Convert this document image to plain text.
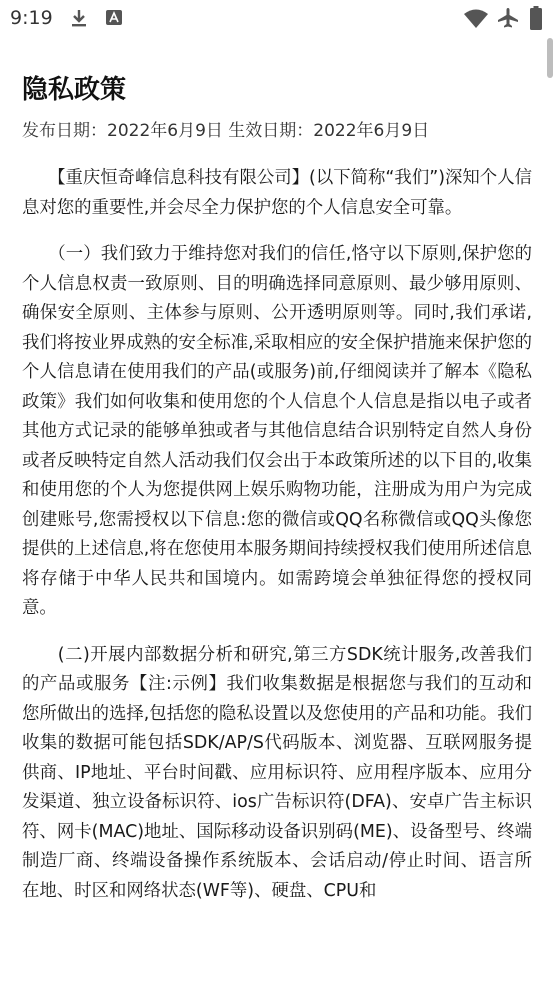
9:19
隐私政策
发布日期：2022年6月9日 生效日期：2022年6月9日

　　【重庆恒奇峰信息科技有限公司】(以下简称“我们”)深知个人信息对您的重要性,并会尽全力保护您的个人信息安全可靠。

　　（一）我们致力于维持您对我们的信任,恪守以下原则,保护您的个人信息权责一致原则、目的明确选择同意原则、最少够用原则、确保安全原则、主体参与原则、公开透明原则等。同时,我们承诺,我们将按业界成熟的安全标准,采取相应的安全保护措施来保护您的个人信息请在使用我们的产品(或服务)前,仔细阅读并了解本《隐私政策》我们如何收集和使用您的个人信息个人信息是指以电子或者其他方式记录的能够单独或者与其他信息结合识别特定自然人身份或者反映特定自然人活动我们仅会出于本政策所述的以下目的,收集和使用您的个人为您提供网上娱乐购物功能，注册成为用户为完成创建账号,您需授权以下信息:您的微信或QQ名称微信或QQ头像您提供的上述信息,将在您使用本服务期间持续授权我们使用所述信息将存储于中华人民共和国境内。如需跨境会单独征得您的授权同意。

　　(二)开展内部数据分析和研究,第三方SDK统计服务,改善我们的产品或服务【注:示例】我们收集数据是根据您与我们的互动和您所做出的选择,包括您的隐私设置以及您使用的产品和功能。我们收集的数据可能包括SDK/AP/S代码版本、浏览器、互联网服务提供商、IP地址、平台时间戳、应用标识符、应用程序版本、应用分发渠道、独立设备标识符、ios广告标识符(DFA)、安卓广告主标识符、网卡(MAC)地址、国际移动设备识别码(ME)、设备型号、终端制造厂商、终端设备操作系统版本、会话启动/停止时间、语言所在地、时区和网络状态(WF等)、硬盘、CPU和
